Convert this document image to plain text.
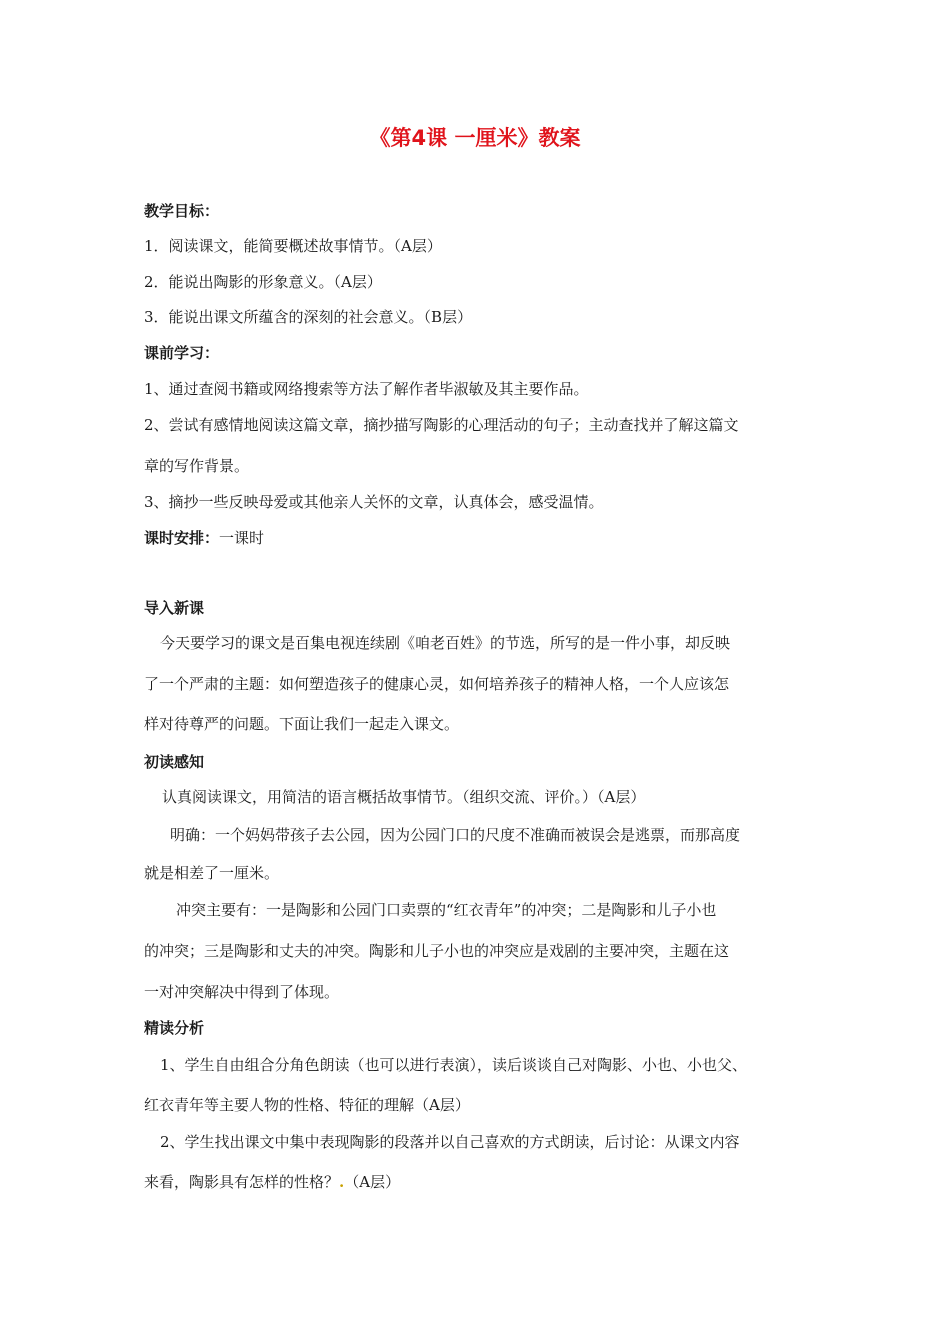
《第4课 一厘米》教案
教学目标：
1．阅读课文，能简要概述故事情节。（A层）
2．能说出陶影的形象意义。（A层）
3．能说出课文所蕴含的深刻的社会意义。（B层）
课前学习：
1、通过查阅书籍或网络搜索等方法了解作者毕淑敏及其主要作品。
2、尝试有感情地阅读这篇文章，摘抄描写陶影的心理活动的句子；主动查找并了解这篇文
章的写作背景。
3、摘抄一些反映母爱或其他亲人关怀的文章，认真体会，感受温情。
课时安排：一课时
导入新课
今天要学习的课文是百集电视连续剧《咱老百姓》的节选，所写的是一件小事，却反映
了一个严肃的主题：如何塑造孩子的健康心灵，如何培养孩子的精神人格，一个人应该怎
样对待尊严的问题。下面让我们一起走入课文。
初读感知
认真阅读课文，用简洁的语言概括故事情节。（组织交流、评价。）（A层）
明确：一个妈妈带孩子去公园，因为公园门口的尺度不准确而被误会是逃票，而那高度
就是相差了一厘米。
冲突主要有：一是陶影和公园门口卖票的“红衣青年”的冲突；二是陶影和儿子小也
的冲突；三是陶影和丈夫的冲突。陶影和儿子小也的冲突应是戏剧的主要冲突，主题在这
一对冲突解决中得到了体现。
精读分析
1、学生自由组合分角色朗读（也可以进行表演），读后谈谈自己对陶影、小也、小也父、
红衣青年等主要人物的性格、特征的理解（A层）
2、学生找出课文中集中表现陶影的段落并以自己喜欢的方式朗读，后讨论：从课文内容
来看，陶影具有怎样的性格？.（A层）
